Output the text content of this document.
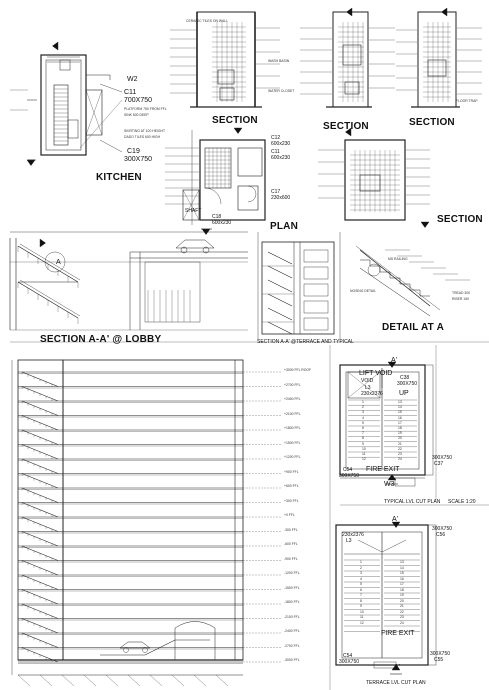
KITCHEN
W2
C11
700X750
C19
300X750
PLATFORM 750 FROM FFL
SINK 600 DEEP
SKIRTING AT 100 HEIGHT
DADO TILES 600 HIGH
SECTION
SECTION	SECTION
SECTION
PLAN
CERAMIC TILES ON WALL
WATER CLOSET
WASH BASIN
FLOOR TRAP
C12
600x230
C11
600x230
C17
230x600
C18
600x230
SHAFT
A
SECTION A-A' @ LOBBY	SECTION A-A' @TERRACE AND TYPICAL
DETAIL AT A
MS RAILING
TREAD 300
RISER 150
NOSING DETAIL
+3000 FFL ROOF
+2700 FFL
+2400 FFL
+2100 FFL
+1800 FFL
+1500 FFL
+1200 FFL
+900 FFL
+600 FFL
+300 FFL
+0 FFL
-300 FFL
-600 FFL
-900 FFL
-1200 FFL
-1500 FFL
-1800 FFL
-2100 FFL
-2400 FFL
-2700 FFL
-3000 FFL
LIFT VOID
VOID
UP
C38
300X750
L3
230x2376
FIRE EXIT
C54
300X750
300X750
C37
W3
TYPICAL LVL CUT PLAN SCALE 1:20
A'
230x2376
L3
300X750
C56
FIRE EXIT
C54
300X750
300X750
C55
TERRACE LVL CUT PLAN
A'
A'
1
2
3
4
5
6
7
8
9
10
11
12
13
14
15
16
17
18
19
20
21
22
23
24
1
2
3
4
5
6
7
8
9
10
11
12
13
14
15
16
17
18
19
20
21
22
23
24
